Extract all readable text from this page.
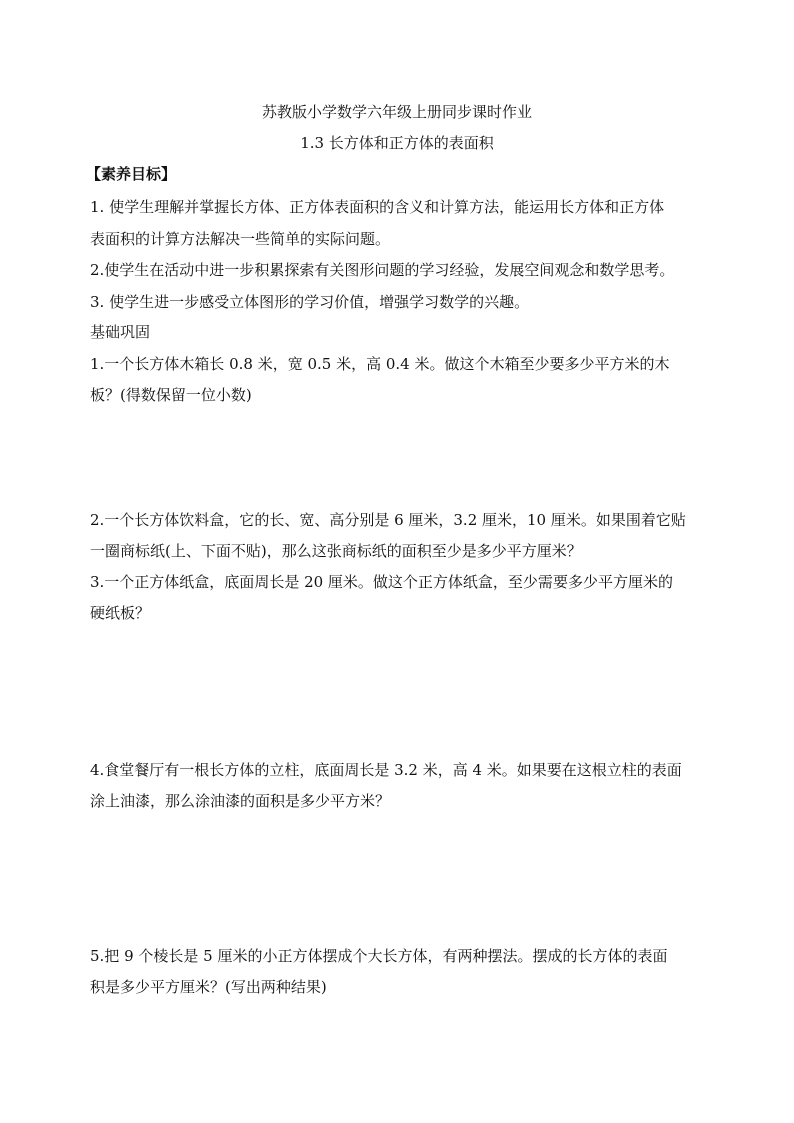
苏教版小学数学六年级上册同步课时作业
1.3 长方体和正方体的表面积
【素养目标】
1. 使学生理解并掌握长方体、正方体表面积的含义和计算方法，能运用长方体和正方体
表面积的计算方法解决一些简单的实际问题。
2.使学生在活动中进一步积累探索有关图形问题的学习经验，发展空间观念和数学思考。
3. 使学生进一步感受立体图形的学习价值，增强学习数学的兴趣。
基础巩固
1.一个长方体木箱长 0.8 米，宽 0.5 米，高 0.4 米。做这个木箱至少要多少平方米的木
板？(得数保留一位小数)
2.一个长方体饮料盒，它的长、宽、高分别是 6 厘米，3.2 厘米，10 厘米。如果围着它贴
一圈商标纸(上、下面不贴)，那么这张商标纸的面积至少是多少平方厘米？
3.一个正方体纸盒，底面周长是 20 厘米。做这个正方体纸盒，至少需要多少平方厘米的
硬纸板？
4.食堂餐厅有一根长方体的立柱，底面周长是 3.2 米，高 4 米。如果要在这根立柱的表面
涂上油漆，那么涂油漆的面积是多少平方米？
5.把 9 个棱长是 5 厘米的小正方体摆成个大长方体，有两种摆法。摆成的长方体的表面
积是多少平方厘米？(写出两种结果)
